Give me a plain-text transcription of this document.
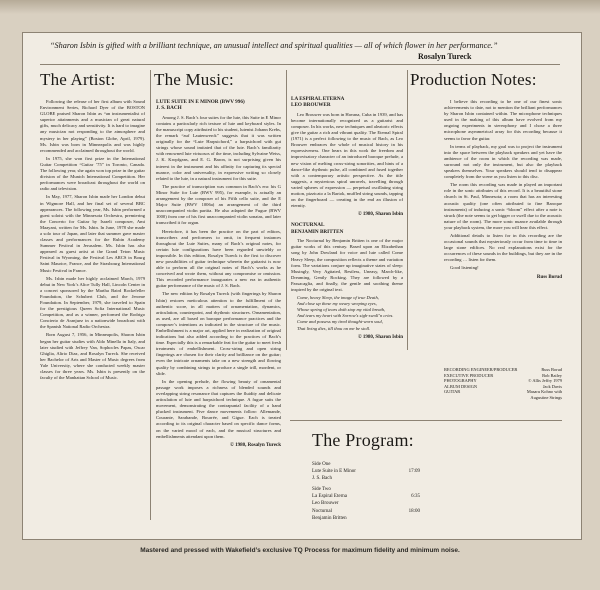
“Sharon Isbin is gifted with a brilliant technique, an unusual intellect and spiritual qualities — all of which flower in her performance.”
Rosalyn Tureck
The Artist: The Music:	Production Notes:

Following the release of her first album with Sound Environment Series, Richard Dyer of the BOSTON GLOBE praised Sharon Isbin as “an instrumentalist of superior attainments and a musician of great natural gifts, much delicacy and sensitivity. It is hard to imagine any musician not responding to the atmosphere and mystery in her playing” (Boston Globe, April, 1979). Ms. Isbin was born in Minneapolis and was highly recommended and acclaimed throughout the world.

In 1975, she won first prize in the International Guitar Competition “Guitar ’75” in Toronto, Canada. The following year, she again won top prize in the guitar division of the Munich International Competition. Her performances were broadcast throughout the world on radio and television.

In May, 1977, Sharon Isbin made her London debut in Wigmore Hall, and her final set of several BBC appearances. The following year, Ms. Isbin performed a guest soloist with the Minnesota Orchestra, premiering the Concerto for Guitar by Israeli composer, Ami Maayani, written for Ms. Isbin. In June, 1978 she made a solo tour of Japan, and later that summer gave master classes and performances for the Rubin Academy Summer Festival in Jerusalem. Ms. Isbin has also appeared as guest artist at the Grand Teton Music Festival in Wyoming, the Festival Les ARCS in Bourg Saint Maurice, France, and the Strasbourg International Music Festival in France.

Ms. Isbin made her highly acclaimed March, 1979 debut in New York’s Alice Tully Hall, Lincoln Center in a concert sponsored by the Martha Baird Rockefeller Foundation, the Schubert Club, and the Jerome Foundation. In September, 1979, she traveled to Spain for the prestigious Queen Sofia International Music Competition, and as a winner, performed the Rodrigo Concierto de Aranjuez in a nationwide broadcast with the Spanish National Radio Orchestra.

Born August 7, 1956, in Minneapolis, Sharon Isbin began her guitar studies with Aldo Minella in Italy, and later studied with Jeffrey Van, Sophocles Papas, Oscar Ghiglia, Alirio Diaz, and Rosalyn Tureck. She received her Bachelor of Arts and Master of Music degrees from Yale University, where she conducted weekly master classes for three years. Ms. Isbin is presently on the faculty of the Manhattan School of Music.

LUTE SUITE IN E MINOR (BWV 996)
J. S. BACH

Among J. S. Bach’s four suites for the lute, this Suite in E Minor contains a particularly rich texture of lute and keyboard styles. In the manuscript copy attributed to his student, lutenist Johann Krebs, the remark “auf Lautenwerck” suggests that it was written originally for the “Lute Harpsichord,” a harpsichord with gut strings whose sound imitated that of the lute. Bach’s familiarity with renowned lute virtuosos of the time, including Sylvaine Weiss, J. K. Kropfgans, and E. G. Baron, is not surprising given his interest in the instrument and his affinity for capturing its special nuance, color and universality, in expressive writing so closely related to the lute, in a natural instrument for this suite.

The practice of transcription was common in Bach’s era: his G Minor Suite for Lute (BWV 995), for example, is actually an arrangement by the composer of his Fifth cello suite, and the E Major Suite (BWV 1006a) an arrangement of the third unaccompanied violin partita. He also adapted the Fugue (BWV 1000) from one of his first unaccompanied violin sonatas, and later transcribed it for organ.

Heretofore, it has been the practice on the part of editors, transcribers and performers to omit, in frequent instances throughout the Lute Suites, many of Bach’s original notes, for certain lute configurations have been regarded unwieldy or impossible. In this edition, Rosalyn Tureck is the first to discover new possibilities of guitar technique wherein the guitarist is now able to perform all the original notes of Bach’s works as he conceived and wrote them, without any compromise or omission. This recorded performance inaugurates a new era in authentic guitar performance of the music of J. S. Bach.

The new edition by Rosalyn Tureck (with fingerings by Sharon Isbin) restores meticulous attention to the fulfillment of the authentic score, in all matters of ornamentation, dynamics, articulation, counterpoint, and rhythmic structures. Ornamentation, as used, are all based on baroque performance practices and the composer’s intentions as indicated in the structure of the music. Embellishment is a major art, applied here in realization of original indications but also added according to the practices of Bach’s time. Especially this is a remarkable feat for the guitar to meet fresh treatments of embellishment. Cross-string and open string fingerings are chosen for their clarity and brilliance on the guitar; even the intricate ornaments take on a new strength and flowing quality by combining strings to produce a single trill, mordent, or slide.

In the opening prelude, the flowing beauty of ornamental passage work imposes a richness of blended sounds and overlapping string resonance that captures the fluidity and delicate articulation of lute and harpsichord technique. A fugue suits the movement, demonstrating the contrapuntal facility of a hand plucked instrument. Five dance movements follow: Allemande, Courante, Sarabande, Bourrée, and Gigue. Each is treated according to its original character based on specific dance forms, on the varied mood of each, and the musical structures and embellishments attendant upon them.

© 1980, Rosalyn Tureck
LA ESPIRAL ETERNA
LEO BROUWER

Leo Brouwer was born in Havana, Cuba in 1939, and has become internationally recognized as a guitarist and composer. In his works, new techniques and aleatoric effects give the guitar a rich and vibrant quality. The Eternal Spiral (1971) is a perfect following to the music of Bach, as Leo Brouwer embraces the whole of musical history in his expressiveness. One hears in this work the freedom and improvisatory character of an introduced baroque prelude, a new vision of melting cross-string sonorities, and hints of a dance-like rhythmic pulse, all combined and fused together with a contemporary artistic perspective. As the title suggests, a mysterious spiral unravels, travelling through varied spheres of expression — perpetual oscillating string motion, pizzicato a la Bartok, muffled string sounds, tapping on the fingerboard — creating in the end an illusion of eternity.

© 1980, Sharon Isbin
NOCTURNAL
BENJAMIN BRITTEN

The Nocturnal by Benjamin Britten is one of the major guitar works of this century. Based upon an Elizabethan song by John Dowland for voice and lute called Come Heavy Sleep, the composition reflects a theme and variation form. The variations conjure up imaginative states of sleep: Musingly, Very Agitated, Restless, Uneasy, March-like, Dreaming, Gently Rocking. They are followed by a Passacaglia, and finally, the gentle and soothing theme inspired by the original text.

Come, heavy Sleep, the image of true Death,
And close up these my weary weeping eyes,
Whose spring of tears doth stop my vital breath,
And tears my heart with Sorrow’s sigh-swoll’n cries.
Come and possess my tired thought-worn soul,
That living dies, till thou on me be stoll.
© 1980, Sharon Isbin

I believe this recording to be one of our finest sonic achievements to date, not to mention the brilliant performances by Sharon Isbin contained within. The microphone techniques used in the making of this album have evolved from my ongoing experiments in stereophony and I chose a three microphone asymmetrical array for this recording because it seems to favor the guitar.

In terms of playback, my goal was to project the instrument into the space between the playback speakers and yet have the ambience of the room in which the recording was made, surround not only the instrument, but also the playback speakers themselves. Your speakers should tend to disappear completely from the scene as you listen to this disc.

The room this recording was made in played an important role in the sonic attributes of this record. It is a beautiful stone church in St. Paul, Minnesota; a room that has an interesting acoustic quality (one often attributed to fine Baroque instruments) of inducing a sonic “bloom” effect after a note is struck (the note seems to get bigger or swell due to the acoustic nature of the room). The more sonic nuance available through your playback system, the more you will hear this effect.

Additional details to listen for in this recording are the occasional sounds that mysteriously occur from time to time in large stone edifices. No real explanations exist for the occurrences of these sounds in the buildings, but they are in the recording … listen for them.

Good listening!

Russ Borud
RECORDING ENGINEER/PRODUCER	Russ Borud
EXECUTIVE PRODUCER	Bob Bailey
PHOTOGRAPHY	© Allis Jeffry 1979
ALBUM DESIGN	Jack Davis
GUITAR	Masaru Kohno with Augustine Strings
The Program:
Side One
Lute Suite in E Minor	17:09
J. S. Bach
Side Two
La Espiral Eterna	6:35
Leo Brouwer
Nocturnal	18:00
Benjamin Britten
Mastered and pressed with Wakefield’s exclusive TQ Process for maximum fidelity and minimum noise.
